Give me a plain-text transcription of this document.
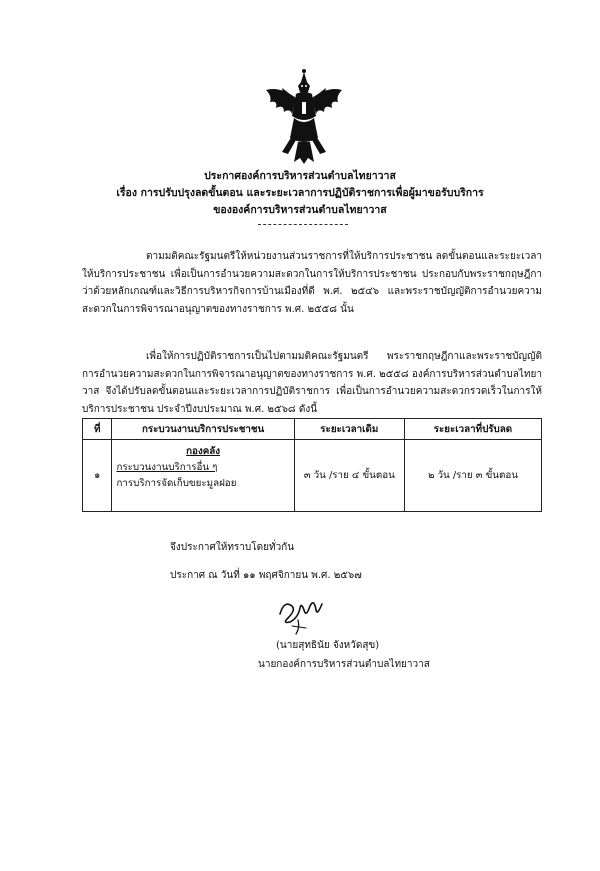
ประกาศองค์การบริหารส่วนตำบลไทยาวาส
เรื่อง การปรับปรุงลดขั้นตอน และระยะเวลาการปฏิบัติราชการเพื่อผู้มาขอรับบริการ
ขององค์การบริหารส่วนตำบลไทยาวาส
ตามมติคณะรัฐมนตรีให้หน่วยงานส่วนราชการที่ให้บริการประชาชน ลดขั้นตอนและระยะเวลาให้บริการประชาชน เพื่อเป็นการอำนวยความสะดวกในการให้บริการประชาชน ประกอบกับพระราชกฤษฎีกาว่าด้วยหลักเกณฑ์และวิธีการบริหารกิจการบ้านเมืองที่ดี พ.ศ. ๒๕๔๖ และพระราชบัญญัติการอำนวยความสะดวกในการพิจารณาอนุญาตของทางราชการ พ.ศ. ๒๕๕๘ นั้น
เพื่อให้การปฏิบัติราชการเป็นไปตามมติคณะรัฐมนตรี พระราชกฤษฎีกาและพระราชบัญญัติการอำนวยความสะดวกในการพิจารณาอนุญาตของทางราชการ พ.ศ. ๒๕๕๘ องค์การบริหารส่วนตำบลไทยาวาส จึงได้ปรับลดขั้นตอนและระยะเวลาการปฏิบัติราชการ เพื่อเป็นการอำนวยความสะดวกรวดเร็วในการให้บริการประชาชน ประจำปีงบประมาณ พ.ศ. ๒๕๖๘ ดังนี้
ที่	กระบวนงานบริการประชาชน	ระยะเวลาเดิม	ระยะเวลาที่ปรับลด
๑	กองคลัง
กระบวนงานบริการอื่น ๆ
การบริการจัดเก็บขยะมูลฝอย	๓ วัน /ราย ๔ ขั้นตอน	๒ วัน /ราย ๓ ขั้นตอน
จึงประกาศให้ทราบโดยทั่วกัน
ประกาศ ณ วันที่ ๑๑ พฤศจิกายน พ.ศ. ๒๕๖๗
(นายสุทธินัย จังหวัดสุข)
นายกองค์การบริหารส่วนตำบลไทยาวาส
